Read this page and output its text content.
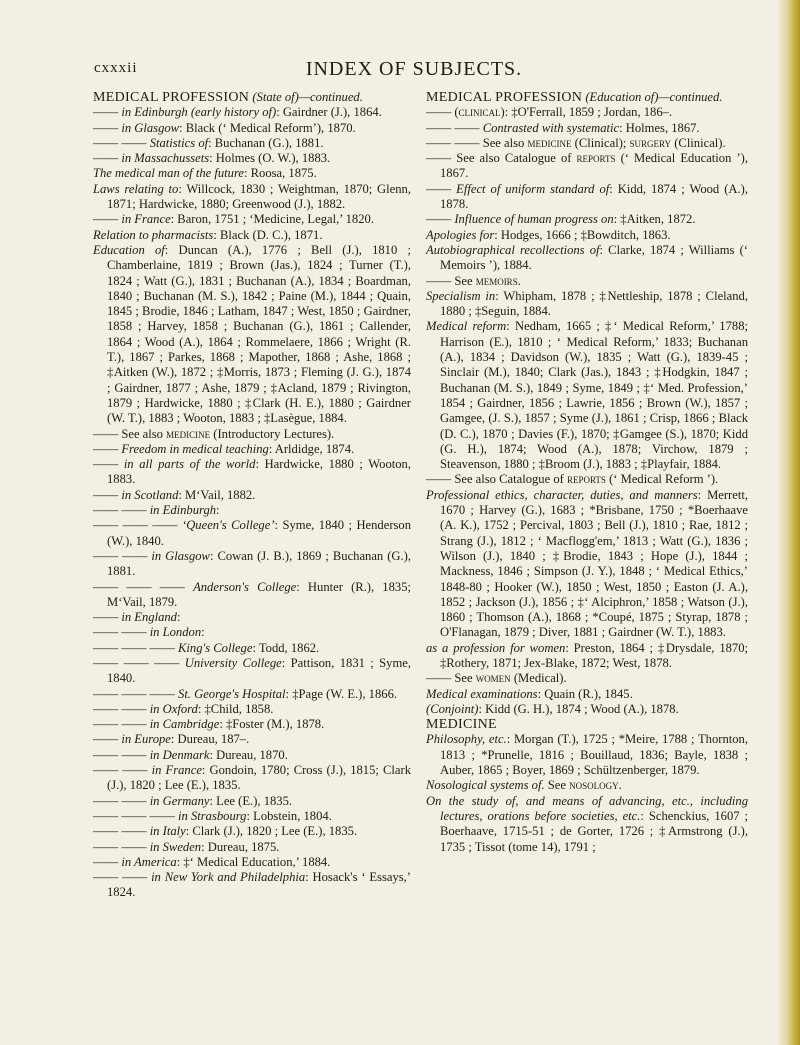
cxxxii	INDEX OF SUBJECTS.

MEDICAL PROFESSION (State of)—continued.

—— in Edinburgh (early history of): Gairdner (J.), 1864.

—— in Glasgow: Black (‘ Medical Reform’), 1870.

—— —— Statistics of: Buchanan (G.), 1881.

—— in Massachussets: Holmes (O. W.), 1883.

The medical man of the future: Roosa, 1875.

Laws relating to: Willcock, 1830 ; Weightman, 1870; Glenn, 1871; Hardwicke, 1880; Greenwood (J.), 1882.

—— in France: Baron, 1751 ; ‘Medicine, Legal,’ 1820.

Relation to pharmacists: Black (D. C.), 1871.

Education of: Duncan (A.), 1776 ; Bell (J.), 1810 ; Chamberlaine, 1819 ; Brown (Jas.), 1824 ; Turner (T.), 1824 ; Watt (G.), 1831 ; Buchanan (A.), 1834 ; Boardman, 1840 ; Buchanan (M. S.), 1842 ; Paine (M.), 1844 ; Quain, 1845 ; Brodie, 1846 ; Latham, 1847 ; West, 1850 ; Gairdner, 1858 ; Harvey, 1858 ; Buchanan (G.), 1861 ; Callender, 1864 ; Wood (A.), 1864 ; Rommelaere, 1866 ; Wright (R. T.), 1867 ; Parkes, 1868 ; Mapother, 1868 ; Ashe, 1868 ; ‡Aitken (W.), 1872 ; ‡Morris, 1873 ; Fleming (J. G.), 1874 ; Gairdner, 1877 ; Ashe, 1879 ; ‡Acland, 1879 ; Rivington, 1879 ; Hardwicke, 1880 ; ‡Clark (H. E.), 1880 ; Gairdner (W. T.), 1883 ; Wooton, 1883 ; ‡Lasègue, 1884.

—— See also medicine (Introductory Lectures).

—— Freedom in medical teaching: Arldidge, 1874.

—— in all parts of the world: Hardwicke, 1880 ; Wooton, 1883.

—— in Scotland: M‘Vail, 1882.

—— —— in Edinburgh:

—— —— —— ‘Queen's College’: Syme, 1840 ; Henderson (W.), 1840.

—— —— in Glasgow: Cowan (J. B.), 1869 ; Buchanan (G.), 1881.

—— —— —— Anderson's College: Hunter (R.), 1835; M‘Vail, 1879.

—— in England:

—— —— in London:

—— —— —— King's College: Todd, 1862.

—— —— —— University College: Pattison, 1831 ; Syme, 1840.

—— —— —— St. George's Hospital: ‡Page (W. E.), 1866.

—— —— in Oxford: ‡Child, 1858.

—— —— in Cambridge: ‡Foster (M.), 1878.

—— in Europe: Dureau, 187–.

—— —— in Denmark: Dureau, 1870.

—— —— in France: Gondoin, 1780; Cross (J.), 1815; Clark (J.), 1820 ; Lee (E.), 1835.

—— —— in Germany: Lee (E.), 1835.

—— —— —— in Strasbourg: Lobstein, 1804.

—— —— in Italy: Clark (J.), 1820 ; Lee (E.), 1835.

—— —— in Sweden: Dureau, 1875.

—— in America: ‡‘ Medical Education,’ 1884.

—— —— in New York and Philadelphia: Hosack's ‘ Essays,’ 1824.

MEDICAL PROFESSION (Education of)—continued.

—— (clinical): ‡O'Ferrall, 1859 ; Jordan, 186–.

—— —— Contrasted with systematic: Holmes, 1867.

—— —— See also medicine (Clinical); surgery (Clinical).

—— See also Catalogue of reports (‘ Medical Education ’), 1867.

—— Effect of uniform standard of: Kidd, 1874 ; Wood (A.), 1878.

—— Influence of human progress on: ‡Aitken, 1872.

Apologies for: Hodges, 1666 ; ‡Bowditch, 1863.

Autobiographical recollections of: Clarke, 1874 ; Williams (‘ Memoirs ’), 1884.

—— See memoirs.

Specialism in: Whipham, 1878 ; ‡Nettleship, 1878 ; Cleland, 1880 ; ‡Seguin, 1884.

Medical reform: Nedham, 1665 ; ‡‘ Medical Reform,’ 1788; Harrison (E.), 1810 ; ‘ Medical Reform,’ 1833; Buchanan (A.), 1834 ; Davidson (W.), 1835 ; Watt (G.), 1839-45 ; Sinclair (M.), 1840; Clark (Jas.), 1843 ; ‡Hodgkin, 1847 ; Buchanan (M. S.), 1849 ; Syme, 1849 ; ‡‘ Med. Profession,’ 1854 ; Gairdner, 1856 ; Lawrie, 1856 ; Brown (W.), 1857 ; Gamgee, (J. S.), 1857 ; Syme (J.), 1861 ; Crisp, 1866 ; Black (D. C.), 1870 ; Davies (F.), 1870; ‡Gamgee (S.), 1870; Kidd (G. H.), 1874; Wood (A.), 1878; Virchow, 1879 ; Steavenson, 1880 ; ‡Broom (J.), 1883 ; ‡Playfair, 1884.

—— See also Catalogue of reports (‘ Medical Reform ’).

Professional ethics, character, duties, and manners: Merrett, 1670 ; Harvey (G.), 1683 ; *Brisbane, 1750 ; *Boerhaave (A. K.), 1752 ; Percival, 1803 ; Bell (J.), 1810 ; Rae, 1812 ; Strang (J.), 1812 ; ‘ Macflogg'em,’ 1813 ; Watt (G.), 1836 ; Wilson (J.), 1840 ; ‡Brodie, 1843 ; Hope (J.), 1844 ; Mackness, 1846 ; Simpson (J. Y.), 1848 ; ‘ Medical Ethics,’ 1848-80 ; Hooker (W.), 1850 ; West, 1850 ; Easton (J. A.), 1852 ; Jackson (J.), 1856 ; ‡‘ Alciphron,’ 1858 ; Watson (J.), 1860 ; Thomson (A.), 1868 ; *Coupé, 1875 ; Styrap, 1878 ; O'Flanagan, 1879 ; Diver, 1881 ; Gairdner (W. T.), 1883.

as a profession for women: Preston, 1864 ; ‡Drysdale, 1870; ‡Rothery, 1871; Jex-Blake, 1872; West, 1878.

—— See women (Medical).

Medical examinations: Quain (R.), 1845.

(Conjoint): Kidd (G. H.), 1874 ; Wood (A.), 1878.

MEDICINE

Philosophy, etc.: Morgan (T.), 1725 ; *Meire, 1788 ; Thornton, 1813 ; *Prunelle, 1816 ; Bouillaud, 1836; Bayle, 1838 ; Auber, 1865 ; Boyer, 1869 ; Schültzenberger, 1879.

Nosological systems of. See nosology.

On the study of, and means of advancing, etc., including lectures, orations before societies, etc.: Schenckius, 1607 ; Boerhaave, 1715-51 ; de Gorter, 1726 ; ‡Armstrong (J.), 1735 ; Tissot (tome 14), 1791 ;
